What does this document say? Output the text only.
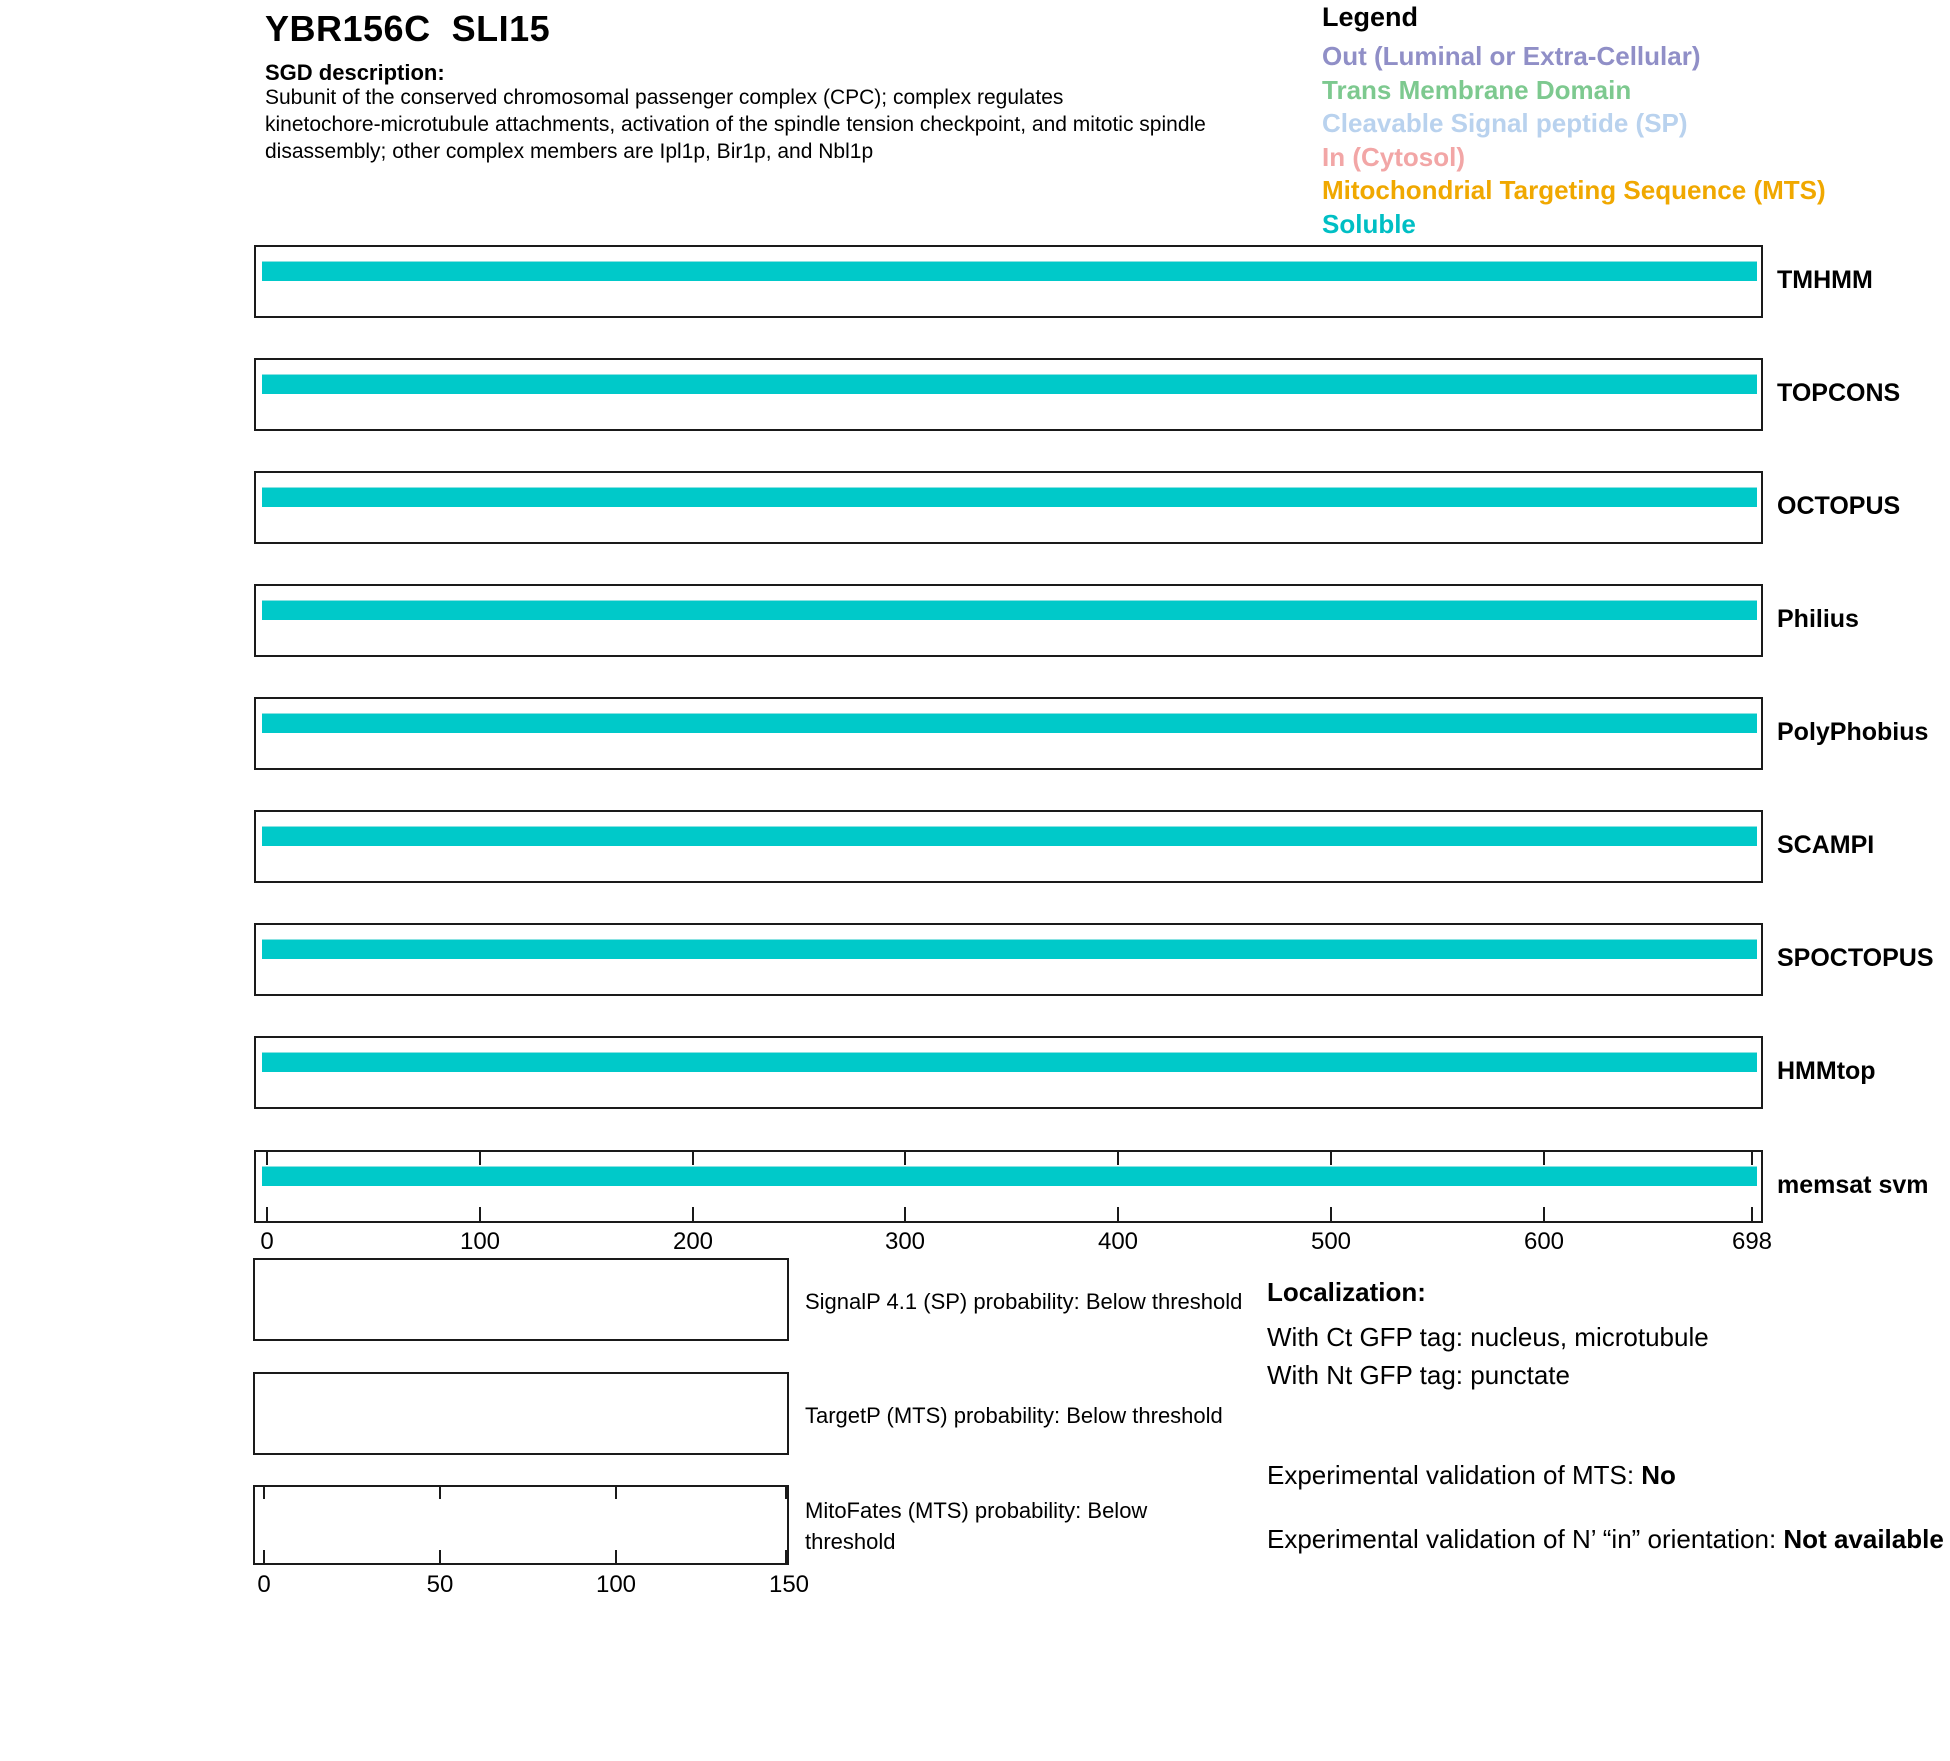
YBR156C  SLI15
SGD description:
Subunit of the conserved chromosomal passenger complex (CPC); complex regulates
kinetochore-microtubule attachments, activation of the spindle tension checkpoint, and mitotic spindle
disassembly; other complex members are Ipl1p, Bir1p, and Nbl1p
Legend
Out (Luminal or Extra-Cellular)
Trans Membrane Domain
Cleavable Signal peptide (SP)
In (Cytosol)
Mitochondrial Targeting Sequence (MTS)
Soluble
TMHMM
TOPCONS
OCTOPUS
Philius
PolyPhobius
SCAMPI
SPOCTOPUS
HMMtop
memsat svm
0	100	200	300	400	500	600	698
SignalP 4.1 (SP) probability: Below threshold
TargetP (MTS) probability: Below threshold
MitoFates (MTS) probability: Below
threshold
0	50	100	150
Localization:
With Ct GFP tag: nucleus, microtubule
With Nt GFP tag: punctate
Experimental validation of MTS: No
Experimental validation of N’ “in” orientation: Not available
